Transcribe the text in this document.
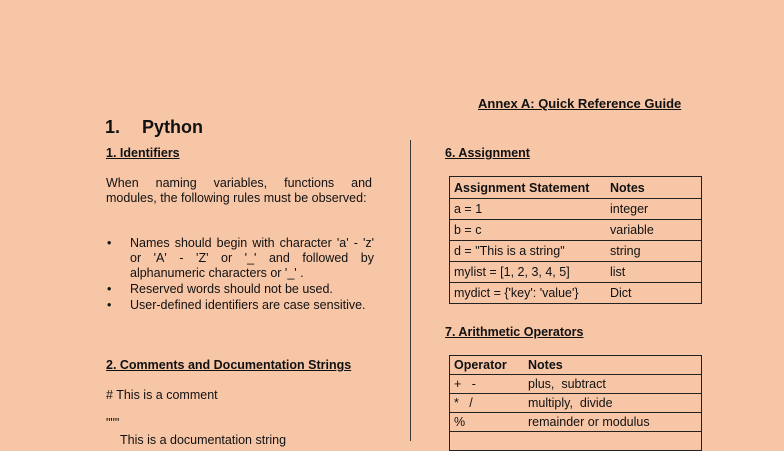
Annex A: Quick Reference Guide
1. Python
1. Identifiers
When naming variables, functions and modules, the following rules must be observed:
• Names should begin with character 'a' - 'z' or 'A' - 'Z' or '_' and followed by alphanumeric characters or '_' .
• Reserved words should not be used.
• User-defined identifiers are case sensitive.
2. Comments and Documentation Strings
# This is a comment
"""
This is a documentation string
6. Assignment
Assignment Statement	Notes
a = 1	integer
b = c	variable
d = "This is a string"	string
mylist = [1, 2, 3, 4, 5]	list
mydict = {'key': 'value'}	Dict
7. Arithmetic Operators
Operator	Notes
+   -	plus,  subtract
*   /	multiply,  divide
%	remainder or modulus
